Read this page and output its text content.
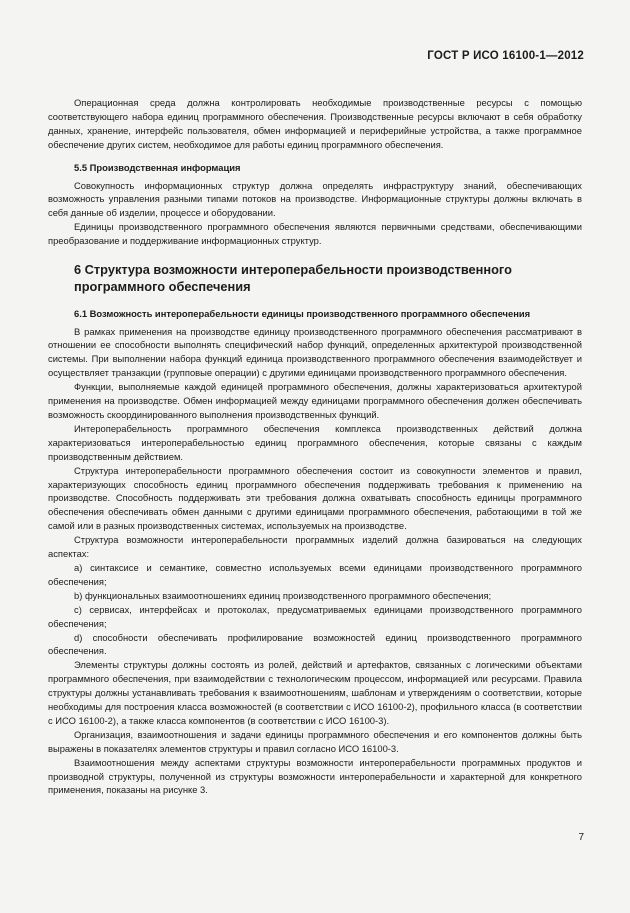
ГОСТ Р ИСО 16100-1—2012

Операционная среда должна контролировать необходимые производственные ресурсы с помощью соответствующего набора единиц программного обеспечения. Производственные ресурсы включают в себя обработку данных, хранение, интерфейс пользователя, обмен информацией и периферийные устройства, а также программное обеспечение других систем, необходимое для работы единиц программного обеспечения.

5.5 Производственная информация

Совокупность информационных структур должна определять инфраструктуру знаний, обеспечивающих возможность управления разными типами потоков на производстве. Информационные структуры должны включать в себя данные об изделии, процессе и оборудовании.

Единицы производственного программного обеспечения являются первичными средствами, обеспечивающими преобразование и поддерживание информационных структур.

6 Структура возможности интероперабельности производственного программного обеспечения
6.1 Возможность интероперабельности единицы производственного программного обеспечения

В рамках применения на производстве единицу производственного программного обеспечения рассматривают в отношении ее способности выполнять специфический набор функций, определенных архитектурой производственной системы. При выполнении набора функций единица производственного программного обеспечения взаимодействует и осуществляет транзакции (групповые операции) с другими единицами производственного программного обеспечения.

Функции, выполняемые каждой единицей программного обеспечения, должны характеризоваться архитектурой применения на производстве. Обмен информацией между единицами программного обеспечения должен обеспечивать возможность скоординированного выполнения производственных функций.

Интероперабельность программного обеспечения комплекса производственных действий должна характеризоваться интероперабельностью единиц программного обеспечения, которые связаны с каждым производственным действием.

Структура интероперабельности программного обеспечения состоит из совокупности элементов и правил, характеризующих способность единиц программного обеспечения поддерживать требования к применению на производстве. Способность поддерживать эти требования должна охватывать способность единицы программного обеспечения обеспечивать обмен данными с другими единицами программного обеспечения, работающими в той же самой или в разных производственных системах, используемых на производстве.

Структура возможности интероперабельности программных изделий должна базироваться на следующих аспектах:

а) синтаксисе и семантике, совместно используемых всеми единицами производственного программного обеспечения;

b) функциональных взаимоотношениях единиц производственного программного обеспечения;

с) сервисах, интерфейсах и протоколах, предусматриваемых единицами производственного программного обеспечения;

d) способности обеспечивать профилирование возможностей единиц производственного программного обеспечения.

Элементы структуры должны состоять из ролей, действий и артефактов, связанных с логическими объектами программного обеспечения, при взаимодействии с технологическим процессом, информацией или ресурсами. Правила структуры должны устанавливать требования к взаимоотношениям, шаблонам и утверждениям о соответствии, которые необходимы для построения класса возможностей (в соответствии с ИСО 16100-2), профильного класса (в соответствии с ИСО 16100-2), а также класса компонентов (в соответствии с ИСО 16100-3).

Организация, взаимоотношения и задачи единицы программного обеспечения и его компонентов должны быть выражены в показателях элементов структуры и правил согласно ИСО 16100-3.

Взаимоотношения между аспектами структуры возможности интероперабельности программных продуктов и производной структуры, полученной из структуры возможности интероперабельности и характерной для конкретного применения, показаны на рисунке 3.

7
